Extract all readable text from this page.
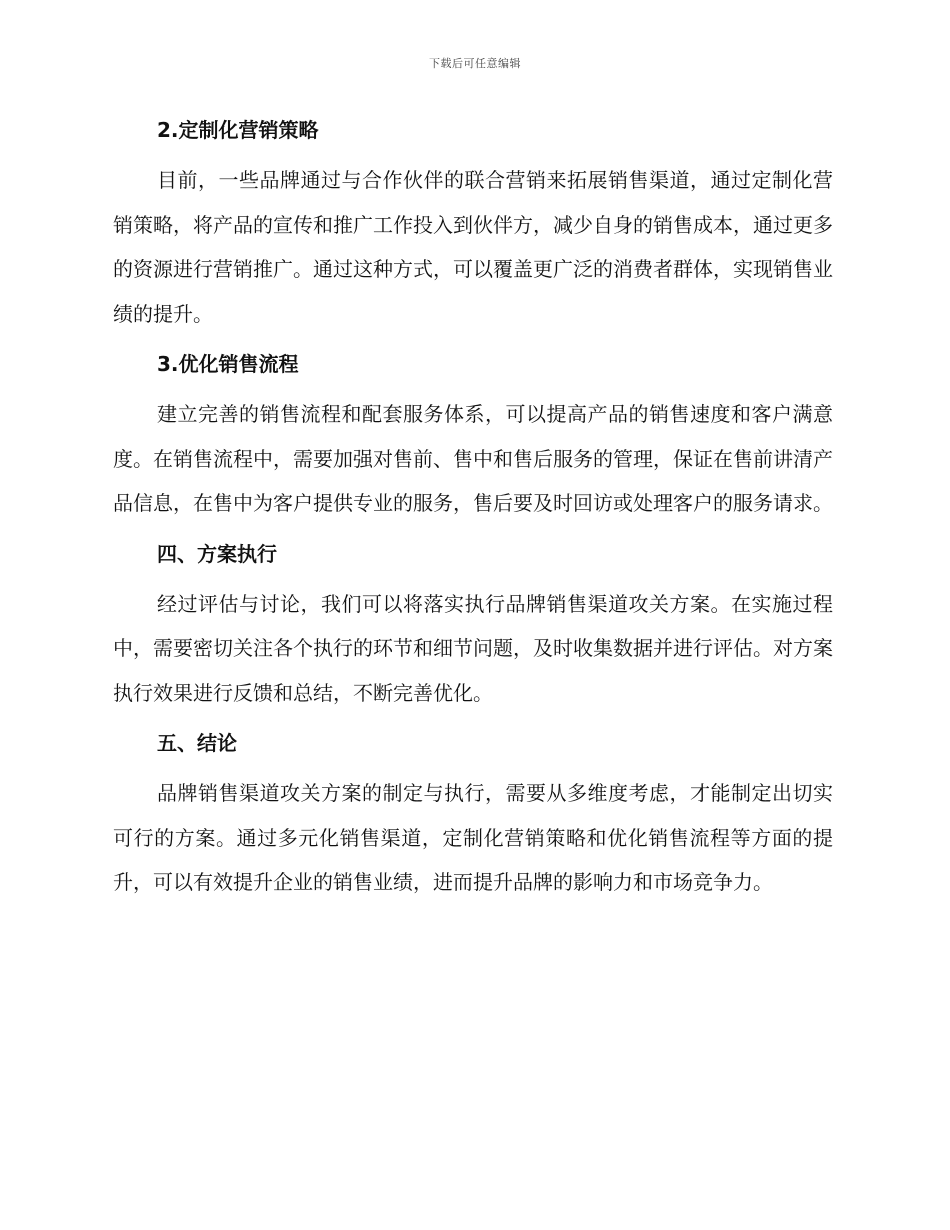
下载后可任意编辑
2.定制化营销策略

目前，一些品牌通过与合作伙伴的联合营销来拓展销售渠道，通过定制化营销策略，将产品的宣传和推广工作投入到伙伴方，减少自身的销售成本，通过更多的资源进行营销推广。通过这种方式，可以覆盖更广泛的消费者群体，实现销售业绩的提升。

3.优化销售流程

建立完善的销售流程和配套服务体系，可以提高产品的销售速度和客户满意度。在销售流程中，需要加强对售前、售中和售后服务的管理，保证在售前讲清产品信息，在售中为客户提供专业的服务，售后要及时回访或处理客户的服务请求。

四、方案执行

经过评估与讨论，我们可以将落实执行品牌销售渠道攻关方案。在实施过程中，需要密切关注各个执行的环节和细节问题，及时收集数据并进行评估。对方案执行效果进行反馈和总结，不断完善优化。

五、结论

品牌销售渠道攻关方案的制定与执行，需要从多维度考虑，才能制定出切实可行的方案。通过多元化销售渠道，定制化营销策略和优化销售流程等方面的提升，可以有效提升企业的销售业绩，进而提升品牌的影响力和市场竞争力。
